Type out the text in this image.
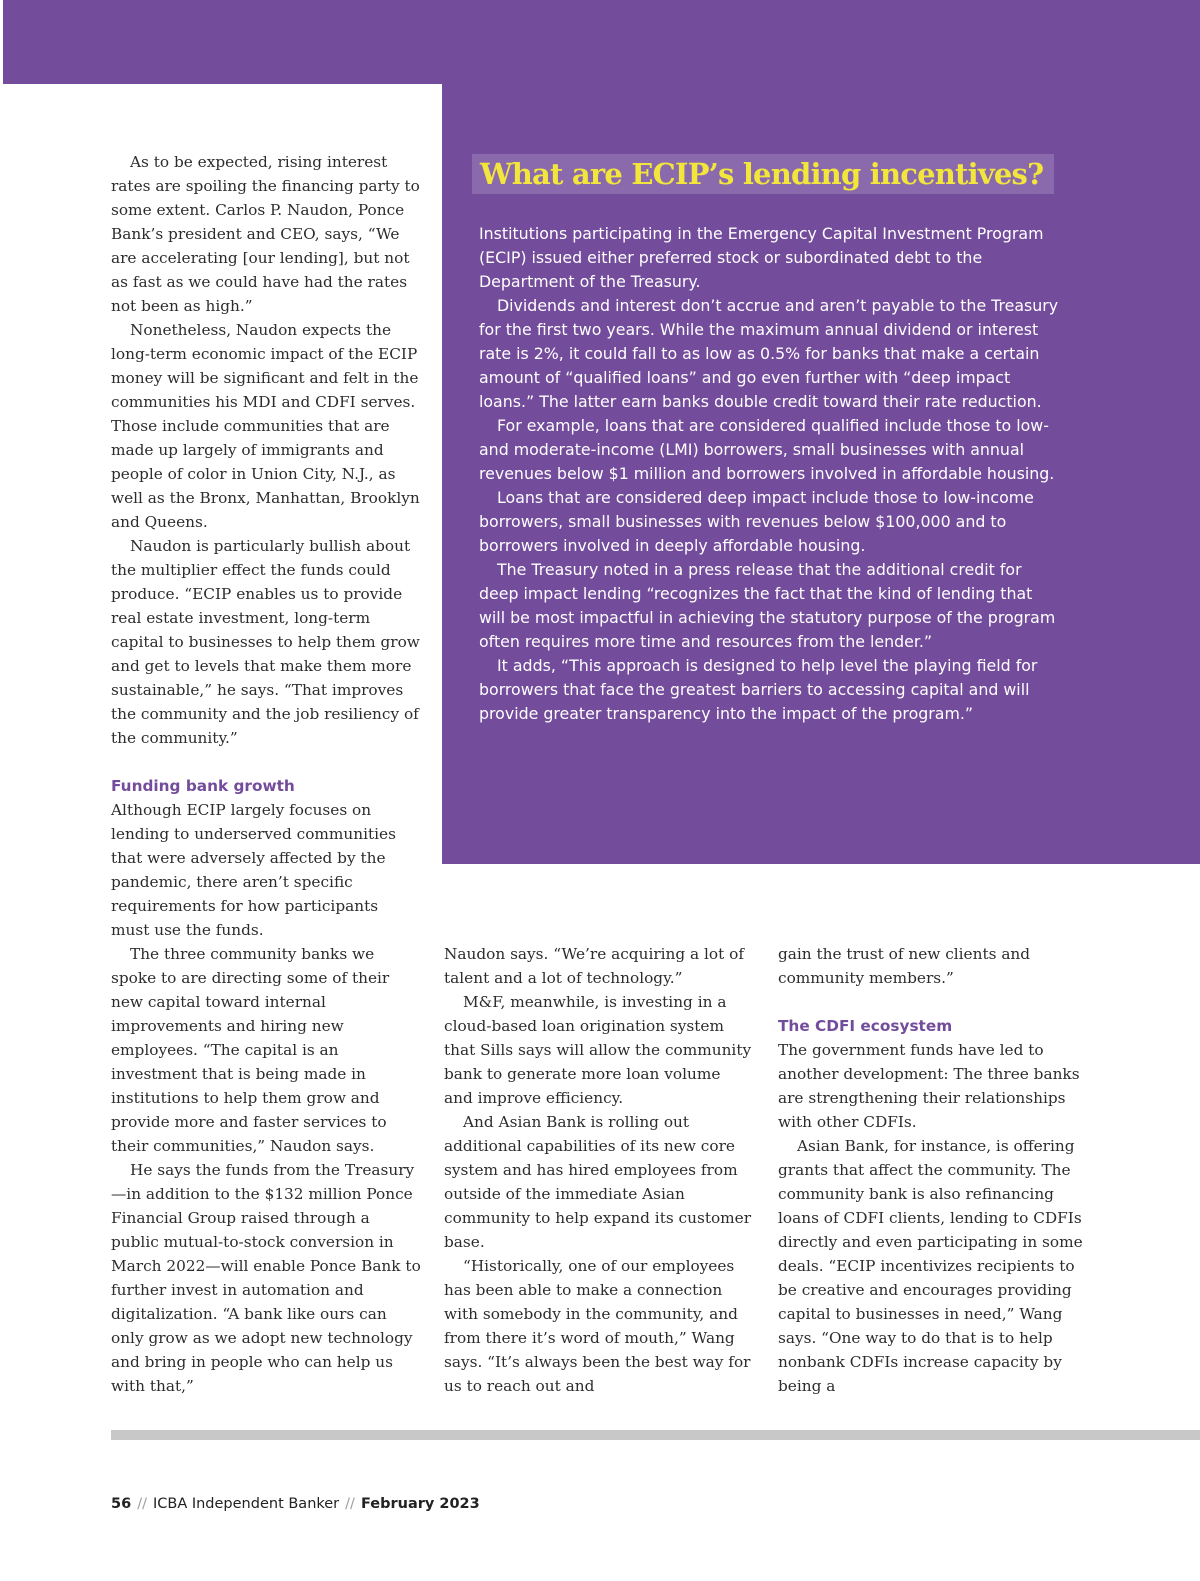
What are ECIP’s lending incentives?

Institutions participating in the Emergency Capital Investment Program (ECIP) issued either preferred stock or subordinated debt to the Department of the Treasury.

Dividends and interest don’t accrue and aren’t payable to the Treasury for the first two years. While the maximum annual dividend or interest rate is 2%, it could fall to as low as 0.5% for banks that make a certain amount of “qualified loans” and go even further with “deep impact loans.” The latter earn banks double credit toward their rate reduction.

For example, loans that are considered qualified include those to low- and moderate-income (LMI) borrowers, small businesses with annual revenues below $1 million and borrowers involved in affordable housing.

Loans that are considered deep impact include those to low-income borrowers, small businesses with revenues below $100,000 and to borrowers involved in deeply affordable housing.

The Treasury noted in a press release that the additional credit for deep impact lending “recognizes the fact that the kind of lending that will be most impactful in achieving the statutory purpose of the program often requires more time and resources from the lender.”

It adds, “This approach is designed to help level the playing field for borrowers that face the greatest barriers to accessing capital and will provide greater transparency into the impact of the program.”

As to be expected, rising interest rates are spoiling the financing party to some extent. Carlos P. Naudon, Ponce Bank’s president and CEO, says, “We are accelerating [our lending], but not as fast as we could have had the rates not been as high.”

Nonetheless, Naudon expects the long-term economic impact of the ECIP money will be significant and felt in the communities his MDI and CDFI serves. Those include communities that are made up largely of immigrants and people of color in Union City, N.J., as well as the Bronx, Manhattan, Brooklyn and Queens.

Naudon is particularly bullish about the multiplier effect the funds could produce. “ECIP enables us to provide real estate investment, long-term capital to businesses to help them grow and get to levels that make them more sustainable,” he says. “That improves the community and the job resiliency of the community.”

Funding bank growth

Although ECIP largely focuses on lending to underserved communities that were adversely affected by the pandemic, there aren’t specific requirements for how participants must use the funds.

The three community banks we spoke to are directing some of their new capital toward internal improvements and hiring new employees. “The capital is an investment that is being made in institutions to help them grow and provide more and faster services to their communities,” Naudon says.

He says the funds from the Treasury—in addition to the $132 million Ponce Financial Group raised through a public mutual-to-stock conversion in March 2022—will enable Ponce Bank to further invest in automation and digitalization. “A bank like ours can only grow as we adopt new technology and bring in people who can help us with that,”

Naudon says. “We’re acquiring a lot of talent and a lot of technology.”

M&F, meanwhile, is investing in a cloud-based loan origination system that Sills says will allow the community bank to generate more loan volume and improve efficiency.

And Asian Bank is rolling out additional capabilities of its new core system and has hired employees from outside of the immediate Asian community to help expand its customer base.

“Historically, one of our employees has been able to make a connection with somebody in the community, and from there it’s word of mouth,” Wang says. “It’s always been the best way for us to reach out and

gain the trust of new clients and community members.”

The CDFI ecosystem

The government funds have led to another development: The three banks are strengthening their relationships with other CDFIs.

Asian Bank, for instance, is offering grants that affect the community. The community bank is also refinancing loans of CDFI clients, lending to CDFIs directly and even participating in some deals. “ECIP incentivizes recipients to be creative and encourages providing capital to businesses in need,” Wang says. “One way to do that is to help nonbank CDFIs increase capacity by being a

56 // ICBA Independent Banker // February 2023
